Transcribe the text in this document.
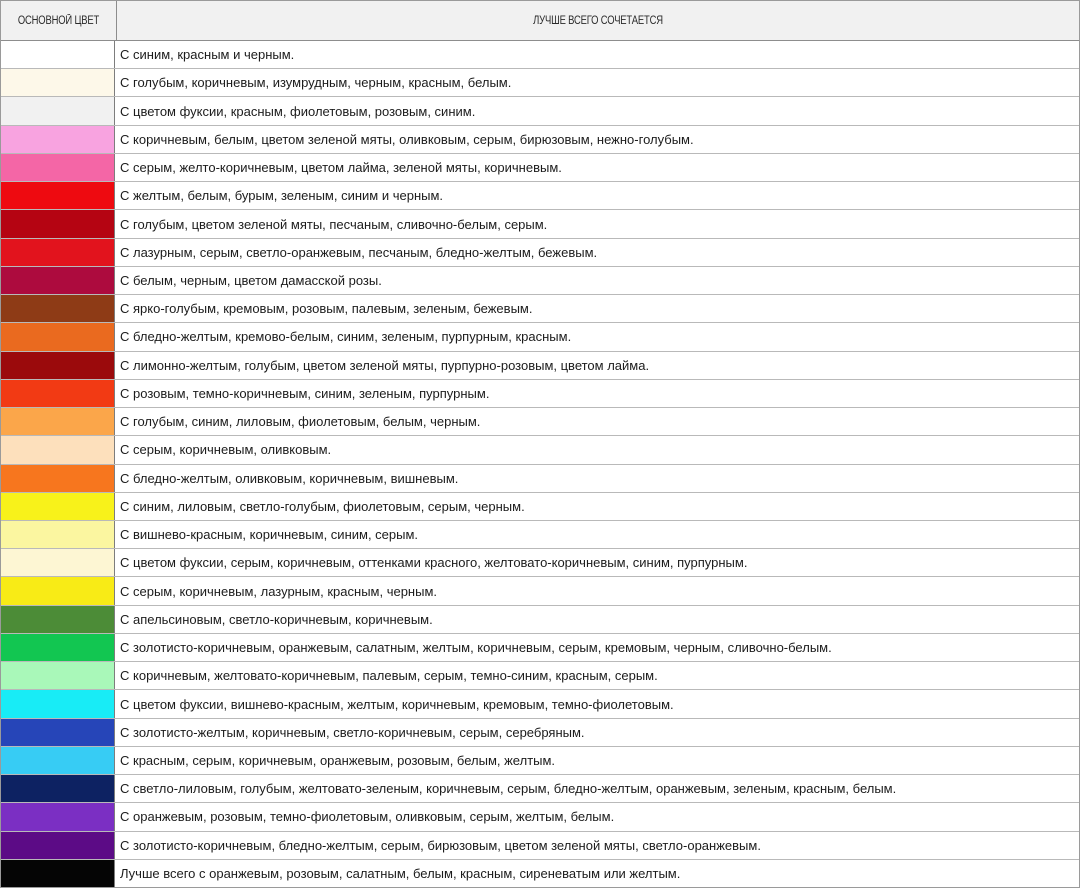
ОСНОВНОЙ ЦВЕТ	ЛУЧШЕ ВСЕГО СОЧЕТАЕТСЯ
С синим, красным и черным.
С голубым, коричневым, изумрудным, черным, красным, белым.
С цветом фуксии, красным, фиолетовым, розовым, синим.
С коричневым, белым, цветом зеленой мяты, оливковым, серым, бирюзовым, нежно-голубым.
С серым, желто-коричневым, цветом лайма, зеленой мяты, коричневым.
С желтым, белым, бурым, зеленым, синим и черным.
С голубым, цветом зеленой мяты, песчаным, сливочно-белым, серым.
С лазурным, серым, светло-оранжевым, песчаным, бледно-желтым, бежевым.
С белым, черным, цветом дамасской розы.
С ярко-голубым, кремовым, розовым, палевым, зеленым, бежевым.
С бледно-желтым, кремово-белым, синим, зеленым, пурпурным, красным.
С лимонно-желтым, голубым, цветом зеленой мяты, пурпурно-розовым, цветом лайма.
С розовым, темно-коричневым, синим, зеленым, пурпурным.
С голубым, синим, лиловым, фиолетовым, белым, черным.
С серым, коричневым, оливковым.
С бледно-желтым, оливковым, коричневым, вишневым.
С синим, лиловым, светло-голубым, фиолетовым, серым, черным.
С вишнево-красным, коричневым, синим, серым.
С цветом фуксии, серым, коричневым, оттенками красного, желтовато-коричневым, синим, пурпурным.
С серым, коричневым, лазурным, красным, черным.
С апельсиновым, светло-коричневым, коричневым.
С золотисто-коричневым, оранжевым, салатным, желтым, коричневым, серым, кремовым, черным, сливочно-белым.
С коричневым, желтовато-коричневым, палевым, серым, темно-синим, красным, серым.
С цветом фуксии, вишнево-красным, желтым, коричневым, кремовым, темно-фиолетовым.
С золотисто-желтым, коричневым, светло-коричневым, серым, серебряным.
С красным, серым, коричневым, оранжевым, розовым, белым, желтым.
С светло-лиловым, голубым, желтовато-зеленым, коричневым, серым, бледно-желтым, оранжевым, зеленым, красным, белым.
С оранжевым, розовым, темно-фиолетовым, оливковым, серым, желтым, белым.
С золотисто-коричневым, бледно-желтым, серым, бирюзовым, цветом зеленой мяты, светло-оранжевым.
Лучше всего с оранжевым, розовым, салатным, белым, красным, сиреневатым или желтым.
